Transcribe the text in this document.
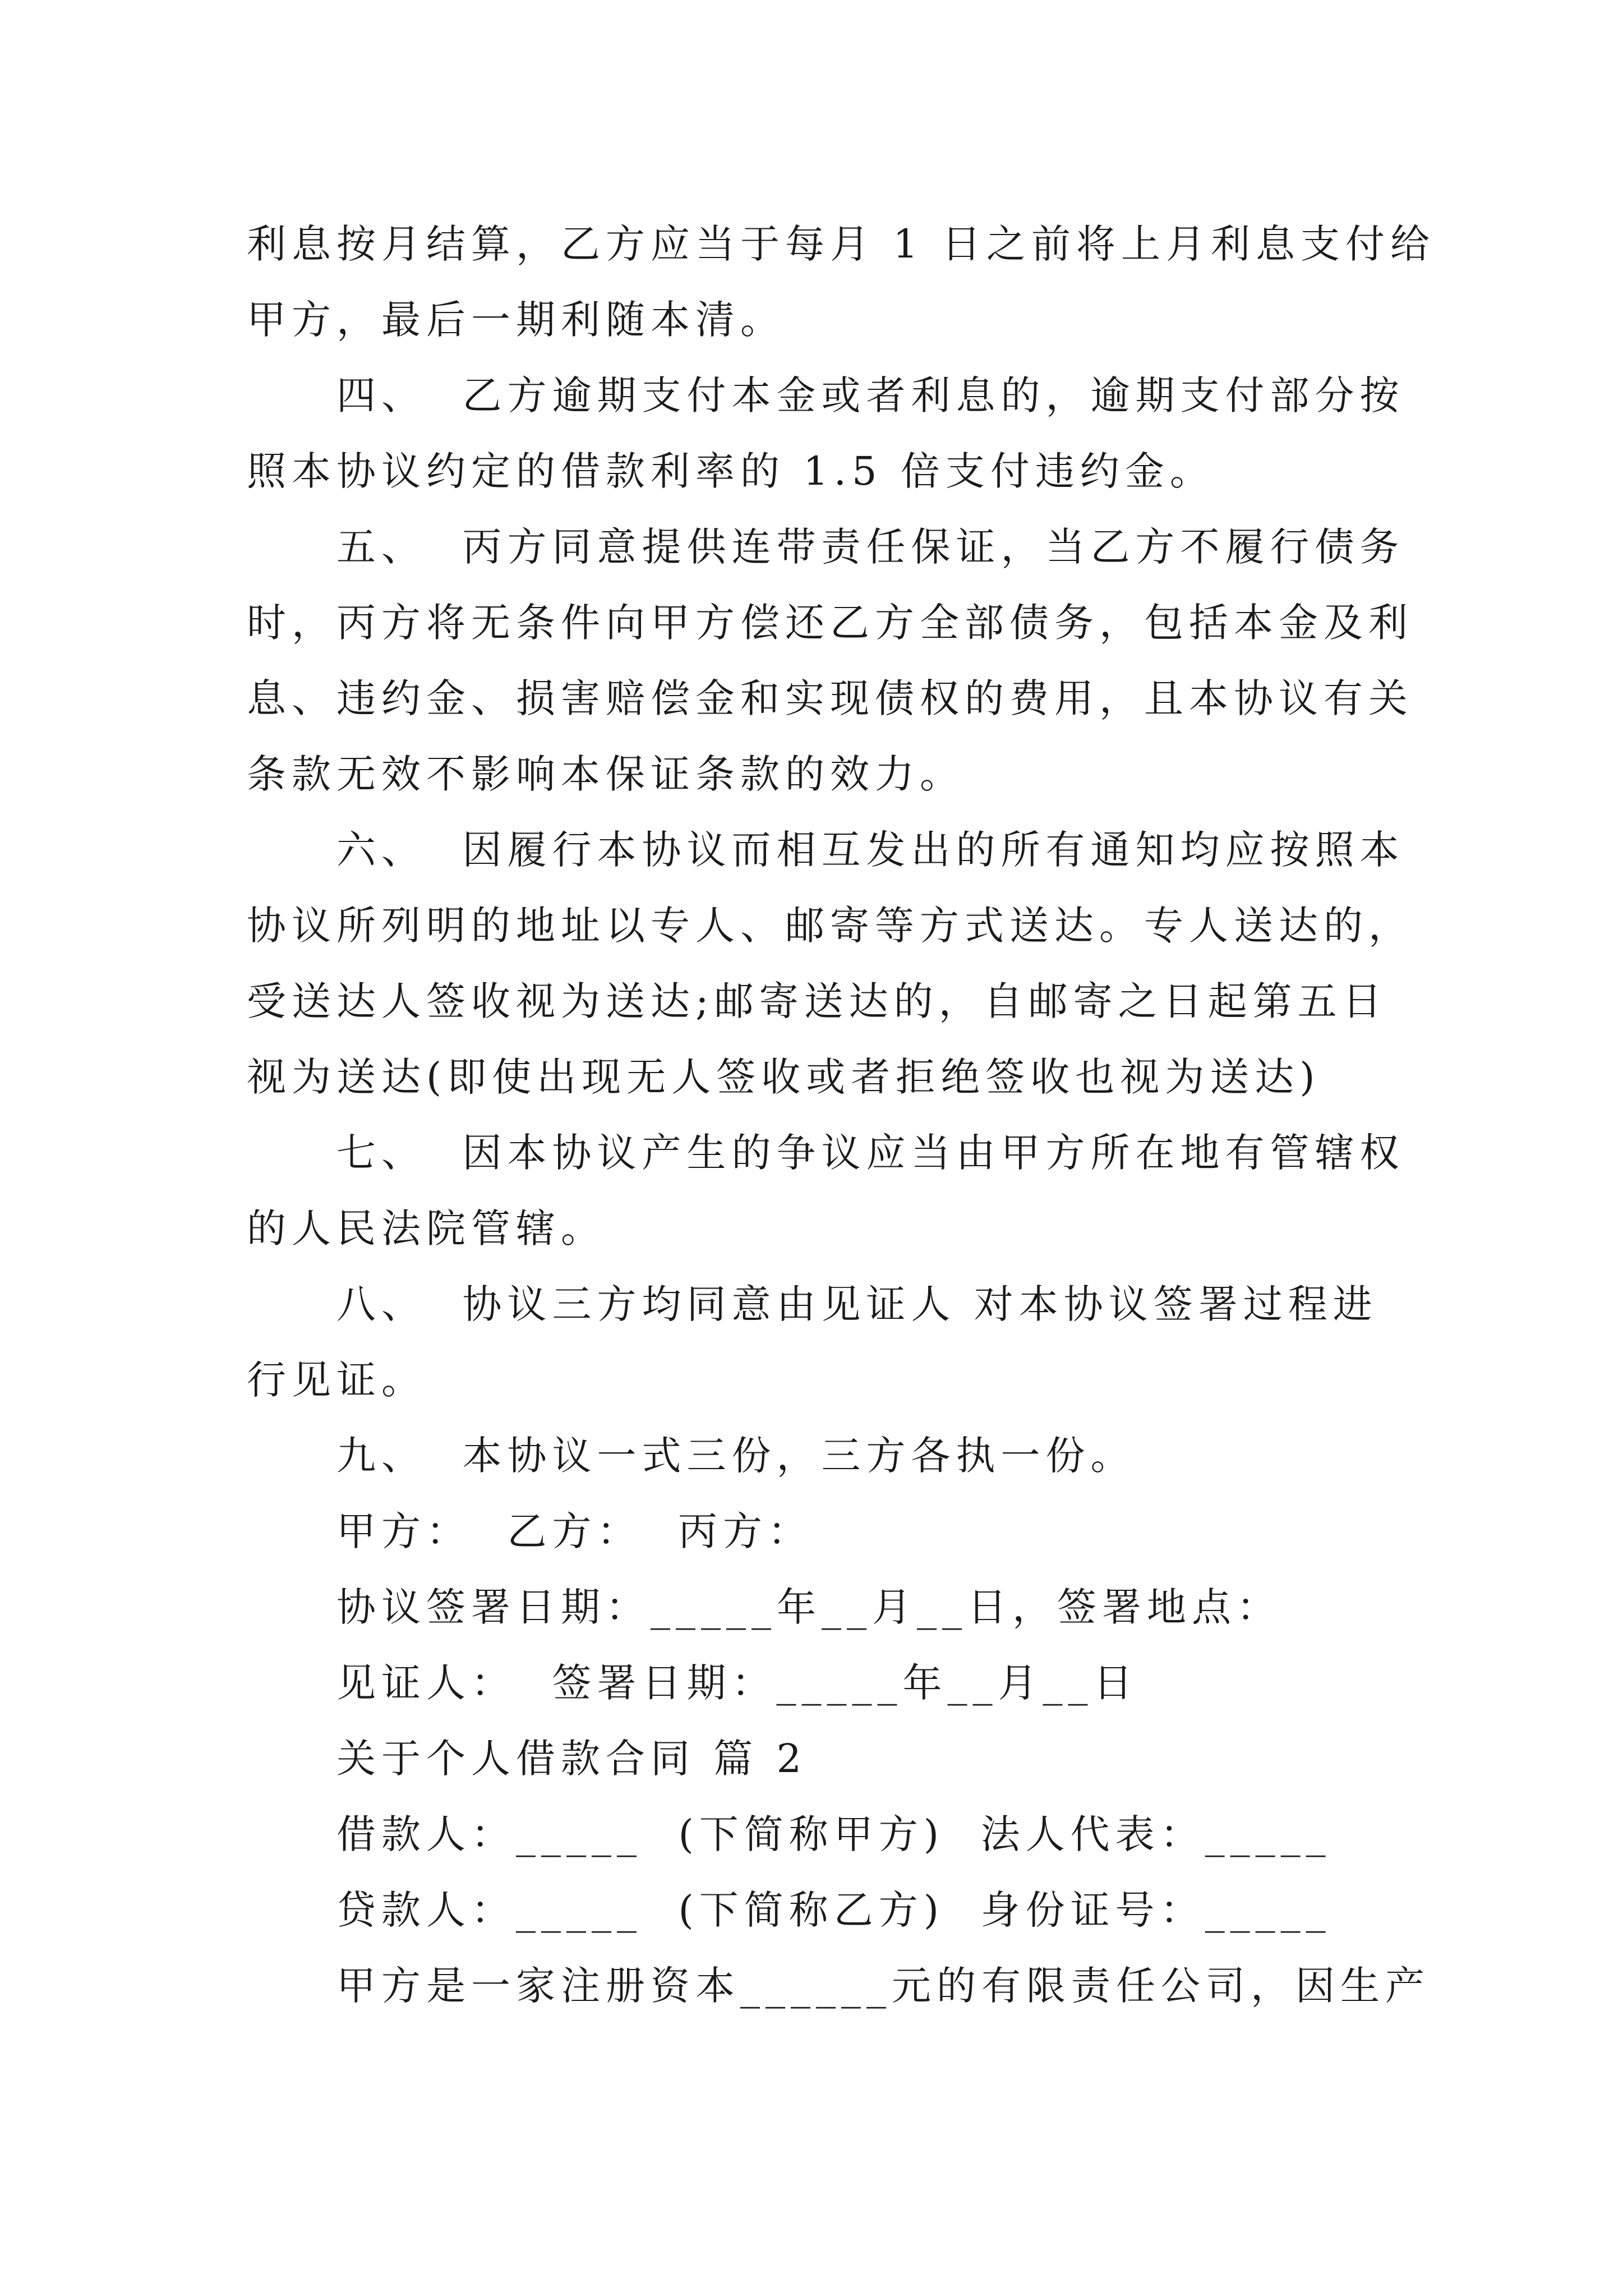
利息按月结算，乙方应当于每月 1 日之前将上月利息支付给
甲方，最后一期利随本清。
四、  乙方逾期支付本金或者利息的，逾期支付部分按
照本协议约定的借款利率的 1.5 倍支付违约金。
五、  丙方同意提供连带责任保证，当乙方不履行债务
时，丙方将无条件向甲方偿还乙方全部债务，包括本金及利
息、违约金、损害赔偿金和实现债权的费用，且本协议有关
条款无效不影响本保证条款的效力。
六、  因履行本协议而相互发出的所有通知均应按照本
协议所列明的地址以专人、邮寄等方式送达。专人送达的，
受送达人签收视为送达;邮寄送达的，自邮寄之日起第五日
视为送达(即使出现无人签收或者拒绝签收也视为送达)
七、  因本协议产生的争议应当由甲方所在地有管辖权
的人民法院管辖。
八、  协议三方均同意由见证人 对本协议签署过程进
行见证。
九、  本协议一式三份，三方各执一份。
甲方：  乙方：  丙方：
协议签署日期：_____年__月__日，签署地点：
见证人：  签署日期：_____年__月__日
关于个人借款合同 篇 2
借款人：_____  (下简称甲方)  法人代表：_____
贷款人：_____  (下简称乙方)  身份证号：_____
甲方是一家注册资本______元的有限责任公司，因生产
